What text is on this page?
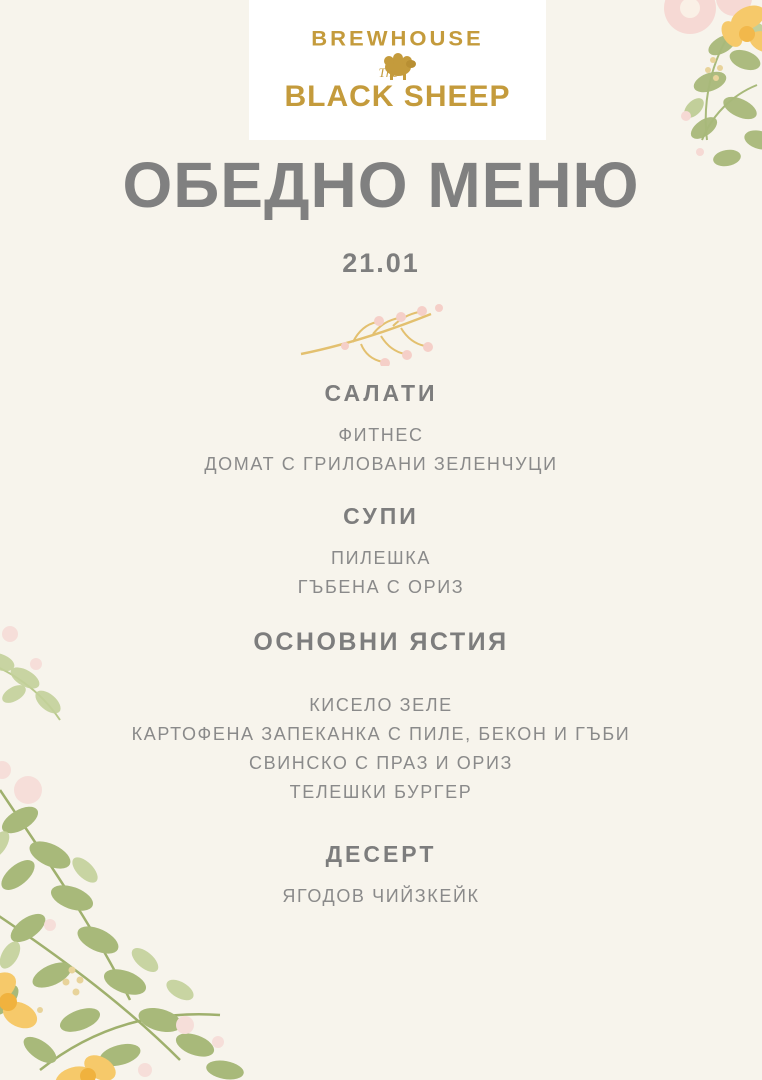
BREWHOUSE
The
BLACK SHEEP
ОБЕДНО МЕНЮ
21.01
САЛАТИ
ФИТНЕС
ДОМАТ С ГРИЛОВАНИ ЗЕЛЕНЧУЦИ
СУПИ
ПИЛЕШКА
ГЪБЕНА С ОРИЗ
ОСНОВНИ ЯСТИЯ
КИСЕЛО ЗЕЛЕ
КАРТОФЕНА ЗАПЕКАНКА С ПИЛЕ, БЕКОН И ГЪБИ
СВИНСКО С ПРАЗ И ОРИЗ
ТЕЛЕШКИ БУРГЕР
ДЕСЕРТ
ЯГОДОВ ЧИЙЗКЕЙК
